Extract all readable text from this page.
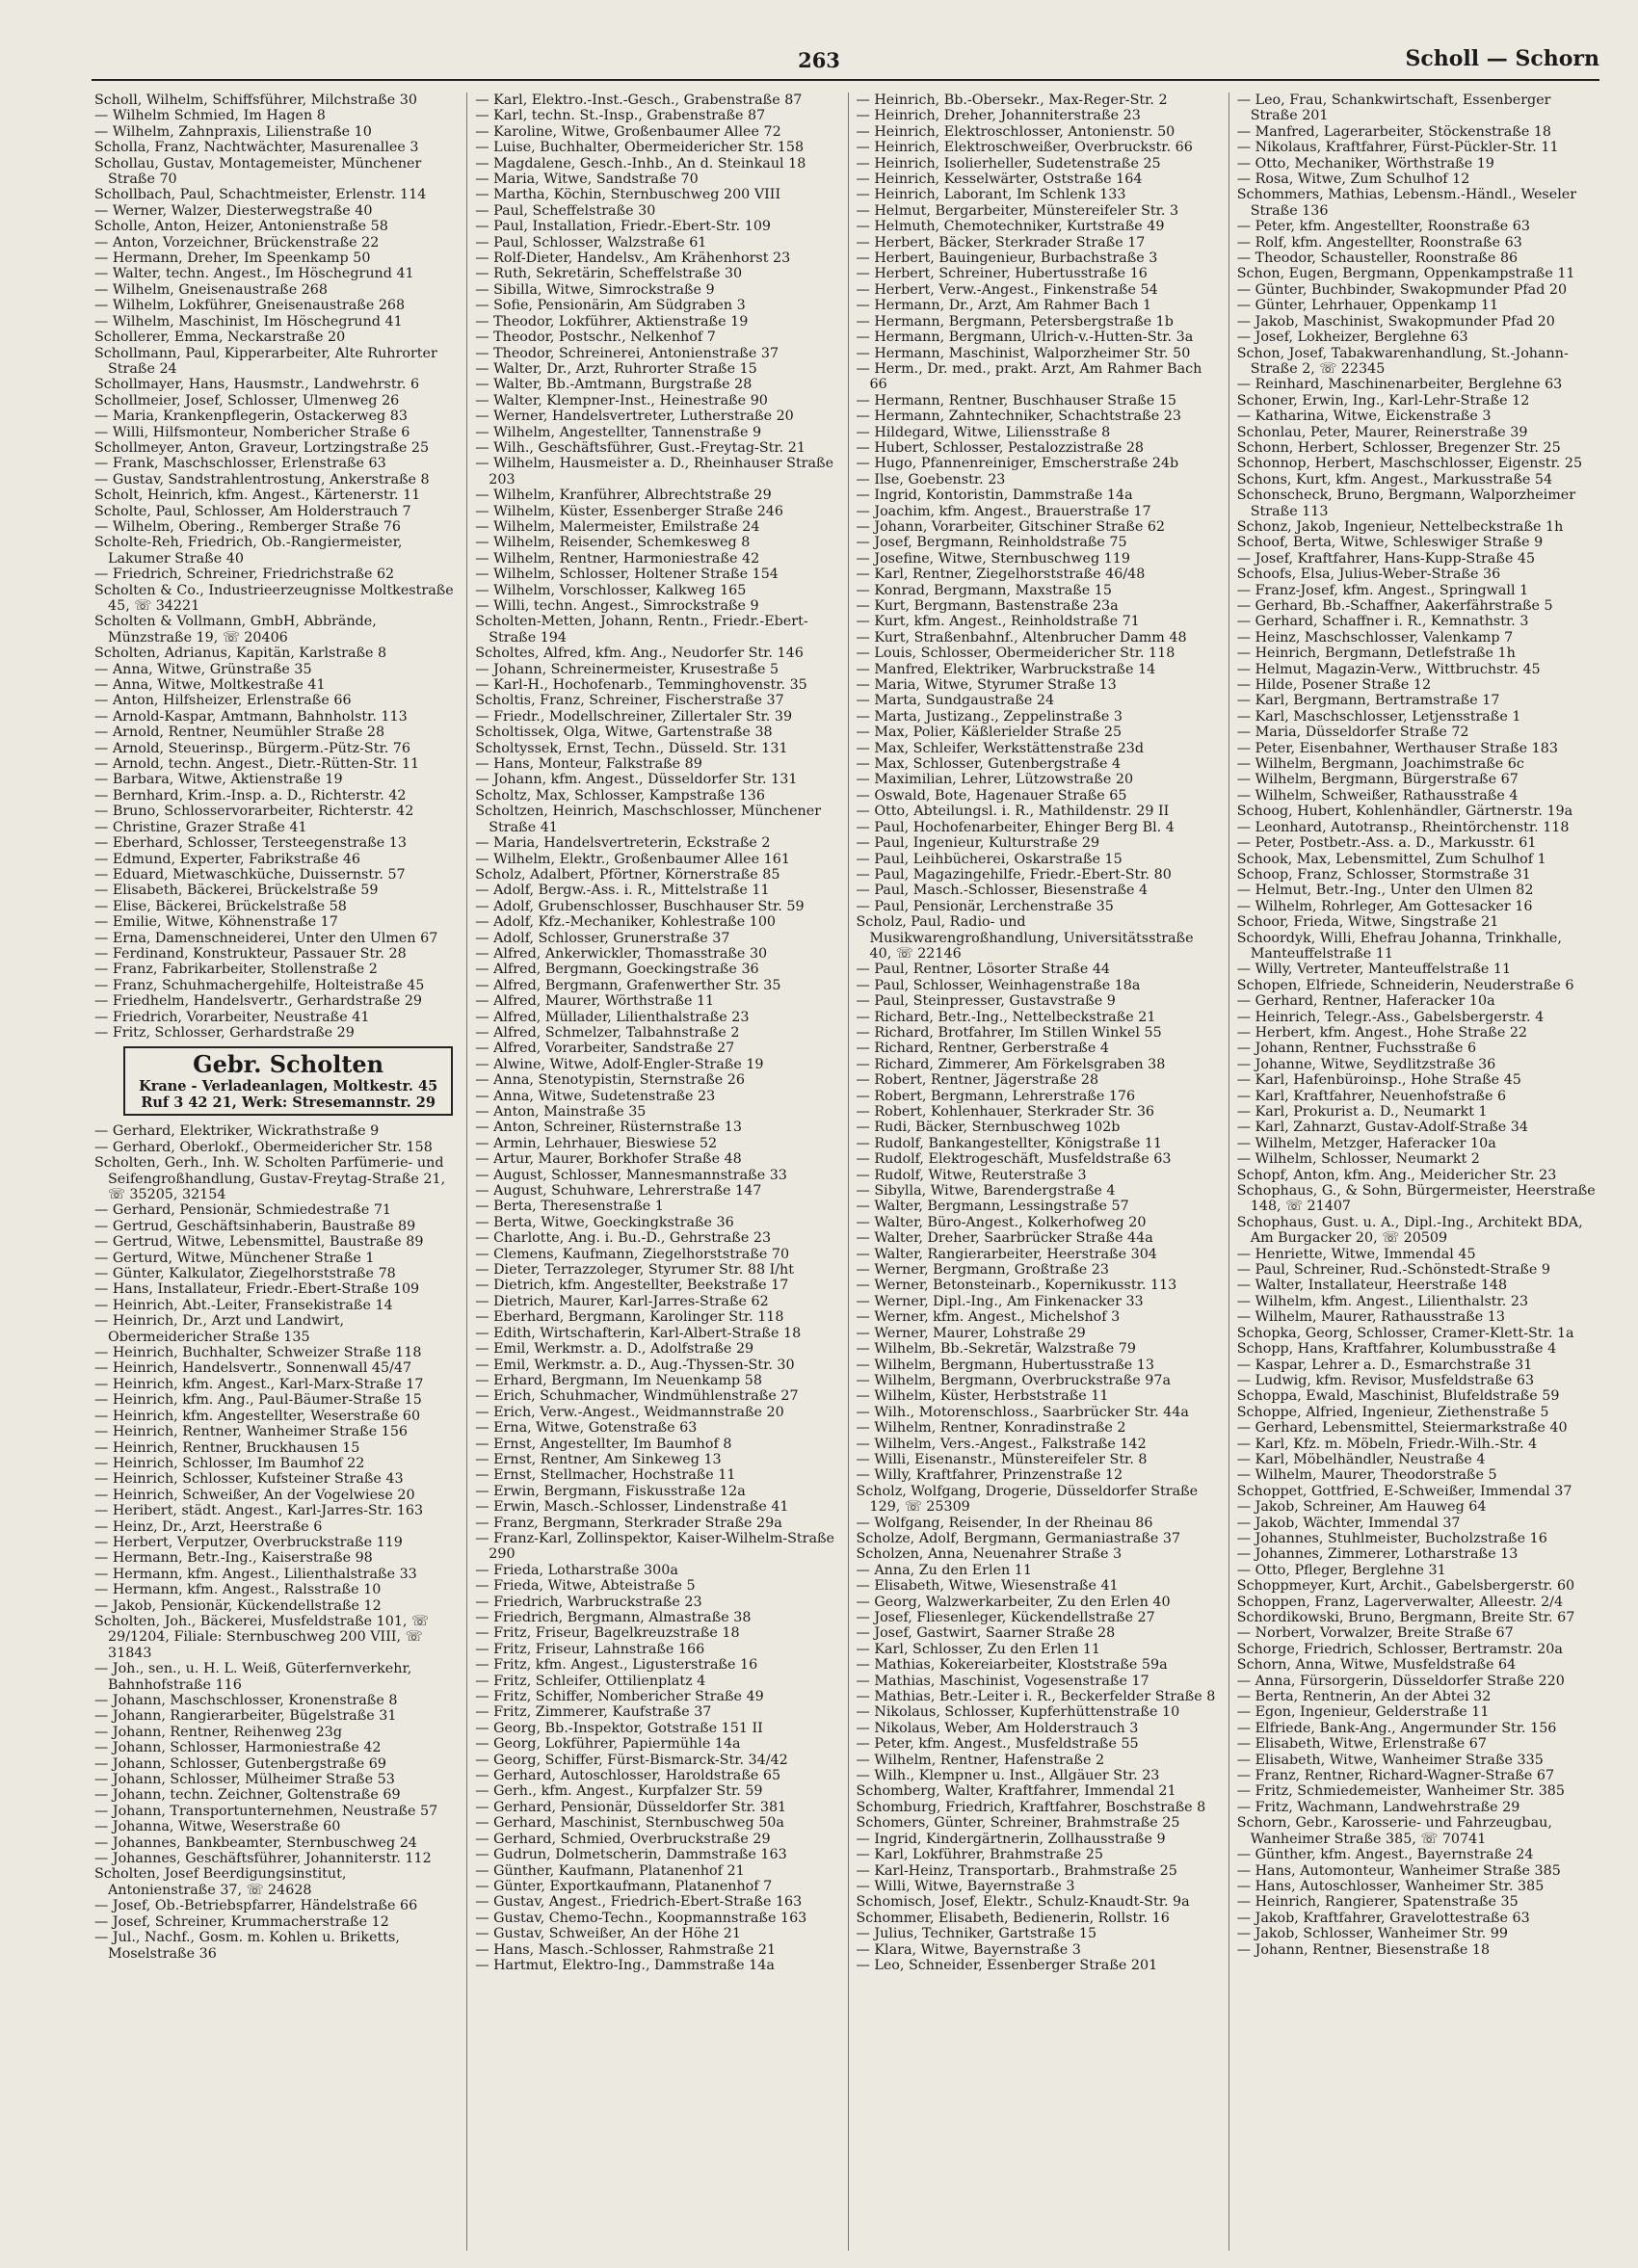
263	Scholl — Schorn

Scholl, Wilhelm, Schiffsführer, Milchstraße 30

— Wilhelm Schmied, Im Hagen 8

— Wilhelm, Zahnpraxis, Lilienstraße 10

Scholla, Franz, Nachtwächter, Masurenallee 3

Schollau, Gustav, Montagemeister, Münchener Straße 70

Schollbach, Paul, Schachtmeister, Erlenstr. 114

— Werner, Walzer, Diesterwegstraße 40

Scholle, Anton, Heizer, Antonienstraße 58

— Anton, Vorzeichner, Brückenstraße 22

— Hermann, Dreher, Im Speenkamp 50

— Walter, techn. Angest., Im Höschegrund 41

— Wilhelm, Gneisenaustraße 268

— Wilhelm, Lokführer, Gneisenaustraße 268

— Wilhelm, Maschinist, Im Höschegrund 41

Schollerer, Emma, Neckarstraße 20

Schollmann, Paul, Kipperarbeiter, Alte Ruhrorter Straße 24

Schollmayer, Hans, Hausmstr., Landwehrstr. 6

Schollmeier, Josef, Schlosser, Ulmenweg 26

— Maria, Krankenpflegerin, Ostackerweg 83

— Willi, Hilfsmonteur, Nombericher Straße 6

Schollmeyer, Anton, Graveur, Lortzingstraße 25

— Frank, Maschschlosser, Erlenstraße 63

— Gustav, Sandstrahlentrostung, Ankerstraße 8

Scholt, Heinrich, kfm. Angest., Kärtenerstr. 11

Scholte, Paul, Schlosser, Am Holderstrauch 7

— Wilhelm, Obering., Remberger Straße 76

Scholte-Reh, Friedrich, Ob.-Rangiermeister, Lakumer Straße 40

— Friedrich, Schreiner, Friedrichstraße 62

Scholten & Co., Industrieerzeugnisse Moltkestraße 45, ☏ 34221

Scholten & Vollmann, GmbH, Abbrände, Münzstraße 19, ☏ 20406

Scholten, Adrianus, Kapitän, Karlstraße 8

— Anna, Witwe, Grünstraße 35

— Anna, Witwe, Moltkestraße 41

— Anton, Hilfsheizer, Erlenstraße 66

— Arnold-Kaspar, Amtmann, Bahnholstr. 113

— Arnold, Rentner, Neumühler Straße 28

— Arnold, Steuerinsp., Bürgerm.-Pütz-Str. 76

— Arnold, techn. Angest., Dietr.-Rütten-Str. 11

— Barbara, Witwe, Aktienstraße 19

— Bernhard, Krim.-Insp. a. D., Richterstr. 42

— Bruno, Schlosservorarbeiter, Richterstr. 42

— Christine, Grazer Straße 41

— Eberhard, Schlosser, Tersteegenstraße 13

— Edmund, Experter, Fabrikstraße 46

— Eduard, Mietwaschküche, Duissernstr. 57

— Elisabeth, Bäckerei, Brückelstraße 59

— Elise, Bäckerei, Brückelstraße 58

— Emilie, Witwe, Köhnenstraße 17

— Erna, Damenschneiderei, Unter den Ulmen 67

— Ferdinand, Konstrukteur, Passauer Str. 28

— Franz, Fabrikarbeiter, Stollenstraße 2

— Franz, Schuhmachergehilfe, Holteistraße 45

— Friedhelm, Handelsvertr., Gerhardstraße 29

— Friedrich, Vorarbeiter, Neustraße 41

— Fritz, Schlosser, Gerhardstraße 29

Gebr. Scholten
Krane - Verladeanlagen, Moltkestr. 45
Ruf 3 42 21, Werk: Stresemannstr. 29

— Gerhard, Elektriker, Wickrathstraße 9

— Gerhard, Oberlokf., Obermeidericher Str. 158

Scholten, Gerh., Inh. W. Scholten Parfümerie- und Seifengroßhandlung, Gustav-Freytag-Straße 21, ☏ 35205, 32154

— Gerhard, Pensionär, Schmiedestraße 71

— Gertrud, Geschäftsinhaberin, Baustraße 89

— Gertrud, Witwe, Lebensmittel, Baustraße 89

— Gerturd, Witwe, Münchener Straße 1

— Günter, Kalkulator, Ziegelhorststraße 78

— Hans, Installateur, Friedr.-Ebert-Straße 109

— Heinrich, Abt.-Leiter, Fransekistraße 14

— Heinrich, Dr., Arzt und Landwirt, Obermeidericher Straße 135

— Heinrich, Buchhalter, Schweizer Straße 118

— Heinrich, Handelsvertr., Sonnenwall 45/47

— Heinrich, kfm. Angest., Karl-Marx-Straße 17

— Heinrich, kfm. Ang., Paul-Bäumer-Straße 15

— Heinrich, kfm. Angestellter, Weserstraße 60

— Heinrich, Rentner, Wanheimer Straße 156

— Heinrich, Rentner, Bruckhausen 15

— Heinrich, Schlosser, Im Baumhof 22

— Heinrich, Schlosser, Kufsteiner Straße 43

— Heinrich, Schweißer, An der Vogelwiese 20

— Heribert, städt. Angest., Karl-Jarres-Str. 163

— Heinz, Dr., Arzt, Heerstraße 6

— Herbert, Verputzer, Overbruckstraße 119

— Hermann, Betr.-Ing., Kaiserstraße 98

— Hermann, kfm. Angest., Lilienthalstraße 33

— Hermann, kfm. Angest., Ralsstraße 10

— Jakob, Pensionär, Kückendellstraße 12

Scholten, Joh., Bäckerei, Musfeldstraße 101, ☏ 29/1204, Filiale: Sternbuschweg 200 VIII, ☏ 31843

— Joh., sen., u. H. L. Weiß, Güterfernverkehr, Bahnhofstraße 116

— Johann, Maschschlosser, Kronenstraße 8

— Johann, Rangierarbeiter, Bügelstraße 31

— Johann, Rentner, Reihenweg 23g

— Johann, Schlosser, Harmoniestraße 42

— Johann, Schlosser, Gutenbergstraße 69

— Johann, Schlosser, Mülheimer Straße 53

— Johann, techn. Zeichner, Goltenstraße 69

— Johann, Transportunternehmen, Neustraße 57

— Johanna, Witwe, Weserstraße 60

— Johannes, Bankbeamter, Sternbuschweg 24

— Johannes, Geschäftsführer, Johanniterstr. 112

Scholten, Josef Beerdigungsinstitut, Antonienstraße 37, ☏ 24628

— Josef, Ob.-Betriebspfarrer, Händelstraße 66

— Josef, Schreiner, Krummacherstraße 12

— Jul., Nachf., Gosm. m. Kohlen u. Briketts, Moselstraße 36

— Karl, Elektro.-Inst.-Gesch., Grabenstraße 87

— Karl, techn. St.-Insp., Grabenstraße 87

— Karoline, Witwe, Großenbaumer Allee 72

— Luise, Buchhalter, Obermeidericher Str. 158

— Magdalene, Gesch.-Inhb., An d. Steinkaul 18

— Maria, Witwe, Sandstraße 70

— Martha, Köchin, Sternbuschweg 200 VIII

— Paul, Scheffelstraße 30

— Paul, Installation, Friedr.-Ebert-Str. 109

— Paul, Schlosser, Walzstraße 61

— Rolf-Dieter, Handelsv., Am Krähenhorst 23

— Ruth, Sekretärin, Scheffelstraße 30

— Sibilla, Witwe, Simrockstraße 9

— Sofie, Pensionärin, Am Südgraben 3

— Theodor, Lokführer, Aktienstraße 19

— Theodor, Postschr., Nelkenhof 7

— Theodor, Schreinerei, Antonienstraße 37

— Walter, Dr., Arzt, Ruhrorter Straße 15

— Walter, Bb.-Amtmann, Burgstraße 28

— Walter, Klempner-Inst., Heinestraße 90

— Werner, Handelsvertreter, Lutherstraße 20

— Wilhelm, Angestellter, Tannenstraße 9

— Wilh., Geschäftsführer, Gust.-Freytag-Str. 21

— Wilhelm, Hausmeister a. D., Rheinhauser Straße 203

— Wilhelm, Kranführer, Albrechtstraße 29

— Wilhelm, Küster, Essenberger Straße 246

— Wilhelm, Malermeister, Emilstraße 24

— Wilhelm, Reisender, Schemkesweg 8

— Wilhelm, Rentner, Harmoniestraße 42

— Wilhelm, Schlosser, Holtener Straße 154

— Wilhelm, Vorschlosser, Kalkweg 165

— Willi, techn. Angest., Simrockstraße 9

Scholten-Metten, Johann, Rentn., Friedr.-Ebert-Straße 194

Scholtes, Alfred, kfm. Ang., Neudorfer Str. 146

— Johann, Schreinermeister, Krusestraße 5

— Karl-H., Hochofenarb., Temminghovenstr. 35

Scholtis, Franz, Schreiner, Fischerstraße 37

— Friedr., Modellschreiner, Zillertaler Str. 39

Scholtissek, Olga, Witwe, Gartenstraße 38

Scholtyssek, Ernst, Techn., Düsseld. Str. 131

— Hans, Monteur, Falkstraße 89

— Johann, kfm. Angest., Düsseldorfer Str. 131

Scholtz, Max, Schlosser, Kampstraße 136

Scholtzen, Heinrich, Maschschlosser, Münchener Straße 41

— Maria, Handelsvertreterin, Eckstraße 2

— Wilhelm, Elektr., Großenbaumer Allee 161

Scholz, Adalbert, Pförtner, Körnerstraße 85

— Adolf, Bergw.-Ass. i. R., Mittelstraße 11

— Adolf, Grubenschlosser, Buschhauser Str. 59

— Adolf, Kfz.-Mechaniker, Kohlestraße 100

— Adolf, Schlosser, Grunerstraße 37

— Alfred, Ankerwickler, Thomasstraße 30

— Alfred, Bergmann, Goeckingstraße 36

— Alfred, Bergmann, Grafenwerther Str. 35

— Alfred, Maurer, Wörthstraße 11

— Alfred, Müllader, Lilienthalstraße 23

— Alfred, Schmelzer, Talbahnstraße 2

— Alfred, Vorarbeiter, Sandstraße 27

— Alwine, Witwe, Adolf-Engler-Straße 19

— Anna, Stenotypistin, Sternstraße 26

— Anna, Witwe, Sudetenstraße 23

— Anton, Mainstraße 35

— Anton, Schreiner, Rüsternstraße 13

— Armin, Lehrhauer, Bieswiese 52

— Artur, Maurer, Borkhofer Straße 48

— August, Schlosser, Mannesmannstraße 33

— August, Schuhware, Lehrerstraße 147

— Berta, Theresenstraße 1

— Berta, Witwe, Goeckingkstraße 36

— Charlotte, Ang. i. Bu.-D., Gehrstraße 23

— Clemens, Kaufmann, Ziegelhorststraße 70

— Dieter, Terrazzoleger, Styrumer Str. 88 I/ht

— Dietrich, kfm. Angestellter, Beekstraße 17

— Dietrich, Maurer, Karl-Jarres-Straße 62

— Eberhard, Bergmann, Karolinger Str. 118

— Edith, Wirtschafterin, Karl-Albert-Straße 18

— Emil, Werkmstr. a. D., Adolfstraße 29

— Emil, Werkmstr. a. D., Aug.-Thyssen-Str. 30

— Erhard, Bergmann, Im Neuenkamp 58

— Erich, Schuhmacher, Windmühlenstraße 27

— Erich, Verw.-Angest., Weidmannstraße 20

— Erna, Witwe, Gotenstraße 63

— Ernst, Angestellter, Im Baumhof 8

— Ernst, Rentner, Am Sinkeweg 13

— Ernst, Stellmacher, Hochstraße 11

— Erwin, Bergmann, Fiskusstraße 12a

— Erwin, Masch.-Schlosser, Lindenstraße 41

— Franz, Bergmann, Sterkrader Straße 29a

— Franz-Karl, Zollinspektor, Kaiser-Wilhelm-Straße 290

— Frieda, Lotharstraße 300a

— Frieda, Witwe, Abteistraße 5

— Friedrich, Warbruckstraße 23

— Friedrich, Bergmann, Almastraße 38

— Fritz, Friseur, Bagelkreuzstraße 18

— Fritz, Friseur, Lahnstraße 166

— Fritz, kfm. Angest., Ligusterstraße 16

— Fritz, Schleifer, Ottilienplatz 4

— Fritz, Schiffer, Nombericher Straße 49

— Fritz, Zimmerer, Kaufstraße 37

— Georg, Bb.-Inspektor, Gotstraße 151 II

— Georg, Lokführer, Papiermühle 14a

— Georg, Schiffer, Fürst-Bismarck-Str. 34/42

— Gerhard, Autoschlosser, Haroldstraße 65

— Gerh., kfm. Angest., Kurpfalzer Str. 59

— Gerhard, Pensionär, Düsseldorfer Str. 381

— Gerhard, Maschinist, Sternbuschweg 50a

— Gerhard, Schmied, Overbruckstraße 29

— Gudrun, Dolmetscherin, Dammstraße 163

— Günther, Kaufmann, Platanenhof 21

— Günter, Exportkaufmann, Platanenhof 7

— Gustav, Angest., Friedrich-Ebert-Straße 163

— Gustav, Chemo-Techn., Koopmannstraße 163

— Gustav, Schweißer, An der Höhe 21

— Hans, Masch.-Schlosser, Rahmstraße 21

— Hartmut, Elektro-Ing., Dammstraße 14a

— Heinrich, Bb.-Obersekr., Max-Reger-Str. 2

— Heinrich, Dreher, Johanniterstraße 23

— Heinrich, Elektroschlosser, Antonienstr. 50

— Heinrich, Elektroschweißer, Overbruckstr. 66

— Heinrich, Isolierheller, Sudetenstraße 25

— Heinrich, Kesselwärter, Oststraße 164

— Heinrich, Laborant, Im Schlenk 133

— Helmut, Bergarbeiter, Münstereifeler Str. 3

— Helmuth, Chemotechniker, Kurtstraße 49

— Herbert, Bäcker, Sterkrader Straße 17

— Herbert, Bauingenieur, Burbachstraße 3

— Herbert, Schreiner, Hubertusstraße 16

— Herbert, Verw.-Angest., Finkenstraße 54

— Hermann, Dr., Arzt, Am Rahmer Bach 1

— Hermann, Bergmann, Petersbergstraße 1b

— Hermann, Bergmann, Ulrich-v.-Hutten-Str. 3a

— Hermann, Maschinist, Walporzheimer Str. 50

— Herm., Dr. med., prakt. Arzt, Am Rahmer Bach 66

— Hermann, Rentner, Buschhauser Straße 15

— Hermann, Zahntechniker, Schachtstraße 23

— Hildegard, Witwe, Liliensstraße 8

— Hubert, Schlosser, Pestalozzistraße 28

— Hugo, Pfannenreiniger, Emscherstraße 24b

— Ilse, Goebenstr. 23

— Ingrid, Kontoristin, Dammstraße 14a

— Joachim, kfm. Angest., Brauerstraße 17

— Johann, Vorarbeiter, Gitschiner Straße 62

— Josef, Bergmann, Reinholdstraße 75

— Josefine, Witwe, Sternbuschweg 119

— Karl, Rentner, Ziegelhorststraße 46/48

— Konrad, Bergmann, Maxstraße 15

— Kurt, Bergmann, Bastenstraße 23a

— Kurt, kfm. Angest., Reinholdstraße 71

— Kurt, Straßenbahnf., Altenbrucher Damm 48

— Louis, Schlosser, Obermeidericher Str. 118

— Manfred, Elektriker, Warbruckstraße 14

— Maria, Witwe, Styrumer Straße 13

— Marta, Sundgaustraße 24

— Marta, Justizang., Zeppelinstraße 3

— Max, Polier, Käßlerielder Straße 25

— Max, Schleifer, Werkstättenstraße 23d

— Max, Schlosser, Gutenbergstraße 4

— Maximilian, Lehrer, Lützowstraße 20

— Oswald, Bote, Hagenauer Straße 65

— Otto, Abteilungsl. i. R., Mathildenstr. 29 II

— Paul, Hochofenarbeiter, Ehinger Berg Bl. 4

— Paul, Ingenieur, Kulturstraße 29

— Paul, Leihbücherei, Oskarstraße 15

— Paul, Magazingehilfe, Friedr.-Ebert-Str. 80

— Paul, Masch.-Schlosser, Biesenstraße 4

— Paul, Pensionär, Lerchenstraße 35

Scholz, Paul, Radio- und Musikwarengroßhandlung, Universitätsstraße 40, ☏ 22146

— Paul, Rentner, Lösorter Straße 44

— Paul, Schlosser, Weinhagenstraße 18a

— Paul, Steinpresser, Gustavstraße 9

— Richard, Betr.-Ing., Nettelbeckstraße 21

— Richard, Brotfahrer, Im Stillen Winkel 55

— Richard, Rentner, Gerberstraße 4

— Richard, Zimmerer, Am Förkelsgraben 38

— Robert, Rentner, Jägerstraße 28

— Robert, Bergmann, Lehrerstraße 176

— Robert, Kohlenhauer, Sterkrader Str. 36

— Rudi, Bäcker, Sternbuschweg 102b

— Rudolf, Bankangestellter, Königstraße 11

— Rudolf, Elektrogeschäft, Musfeldstraße 63

— Rudolf, Witwe, Reuterstraße 3

— Sibylla, Witwe, Barendergstraße 4

— Walter, Bergmann, Lessingstraße 57

— Walter, Büro-Angest., Kolkerhofweg 20

— Walter, Dreher, Saarbrücker Straße 44a

— Walter, Rangierarbeiter, Heerstraße 304

— Werner, Bergmann, Großtraße 23

— Werner, Betonsteinarb., Kopernikusstr. 113

— Werner, Dipl.-Ing., Am Finkenacker 33

— Werner, kfm. Angest., Michelshof 3

— Werner, Maurer, Lohstraße 29

— Wilhelm, Bb.-Sekretär, Walzstraße 79

— Wilhelm, Bergmann, Hubertusstraße 13

— Wilhelm, Bergmann, Overbruckstraße 97a

— Wilhelm, Küster, Herbststraße 11

— Wilh., Motorenschloss., Saarbrücker Str. 44a

— Wilhelm, Rentner, Konradinstraße 2

— Wilhelm, Vers.-Angest., Falkstraße 142

— Willi, Eisenanstr., Münstereifeler Str. 8

— Willy, Kraftfahrer, Prinzenstraße 12

Scholz, Wolfgang, Drogerie, Düsseldorfer Straße 129, ☏ 25309

— Wolfgang, Reisender, In der Rheinau 86

Scholze, Adolf, Bergmann, Germaniastraße 37

Scholzen, Anna, Neuenahrer Straße 3

— Anna, Zu den Erlen 11

— Elisabeth, Witwe, Wiesenstraße 41

— Georg, Walzwerkarbeiter, Zu den Erlen 40

— Josef, Fliesenleger, Kückendellstraße 27

— Josef, Gastwirt, Saarner Straße 28

— Karl, Schlosser, Zu den Erlen 11

— Mathias, Kokereiarbeiter, Kloststraße 59a

— Mathias, Maschinist, Vogesenstraße 17

— Mathias, Betr.-Leiter i. R., Beckerfelder Straße 8

— Nikolaus, Schlosser, Kupferhüttenstraße 10

— Nikolaus, Weber, Am Holderstrauch 3

— Peter, kfm. Angest., Musfeldstraße 55

— Wilhelm, Rentner, Hafenstraße 2

— Wilh., Klempner u. Inst., Allgäuer Str. 23

Schomberg, Walter, Kraftfahrer, Immendal 21

Schomburg, Friedrich, Kraftfahrer, Boschstraße 8

Schomers, Günter, Schreiner, Brahmstraße 25

— Ingrid, Kindergärtnerin, Zollhausstraße 9

— Karl, Lokführer, Brahmstraße 25

— Karl-Heinz, Transportarb., Brahmstraße 25

— Willi, Witwe, Bayernstraße 3

Schomisch, Josef, Elektr., Schulz-Knaudt-Str. 9a

Schommer, Elisabeth, Bedienerin, Rollstr. 16

— Julius, Techniker, Gartstraße 15

— Klara, Witwe, Bayernstraße 3

— Leo, Schneider, Essenberger Straße 201

— Leo, Frau, Schankwirtschaft, Essenberger Straße 201

— Manfred, Lagerarbeiter, Stöckenstraße 18

— Nikolaus, Kraftfahrer, Fürst-Pückler-Str. 11

— Otto, Mechaniker, Wörthstraße 19

— Rosa, Witwe, Zum Schulhof 12

Schommers, Mathias, Lebensm.-Händl., Weseler Straße 136

— Peter, kfm. Angestellter, Roonstraße 63

— Rolf, kfm. Angestellter, Roonstraße 63

— Theodor, Schausteller, Roonstraße 86

Schon, Eugen, Bergmann, Oppenkampstraße 11

— Günter, Buchbinder, Swakopmunder Pfad 20

— Günter, Lehrhauer, Oppenkamp 11

— Jakob, Maschinist, Swakopmunder Pfad 20

— Josef, Lokheizer, Berglehne 63

Schon, Josef, Tabakwarenhandlung, St.-Johann-Straße 2, ☏ 22345

— Reinhard, Maschinenarbeiter, Berglehne 63

Schoner, Erwin, Ing., Karl-Lehr-Straße 12

— Katharina, Witwe, Eickenstraße 3

Schonlau, Peter, Maurer, Reinerstraße 39

Schonn, Herbert, Schlosser, Bregenzer Str. 25

Schonnop, Herbert, Maschschlosser, Eigenstr. 25

Schons, Kurt, kfm. Angest., Markusstraße 54

Schonscheck, Bruno, Bergmann, Walporzheimer Straße 113

Schonz, Jakob, Ingenieur, Nettelbeckstraße 1h

Schoof, Berta, Witwe, Schleswiger Straße 9

— Josef, Kraftfahrer, Hans-Kupp-Straße 45

Schoofs, Elsa, Julius-Weber-Straße 36

— Franz-Josef, kfm. Angest., Springwall 1

— Gerhard, Bb.-Schaffner, Aakerfährstraße 5

— Gerhard, Schaffner i. R., Kemnathstr. 3

— Heinz, Maschschlosser, Valenkamp 7

— Heinrich, Bergmann, Detlefstraße 1h

— Helmut, Magazin-Verw., Wittbruchstr. 45

— Hilde, Posener Straße 12

— Karl, Bergmann, Bertramstraße 17

— Karl, Maschschlosser, Letjensstraße 1

— Maria, Düsseldorfer Straße 72

— Peter, Eisenbahner, Werthauser Straße 183

— Wilhelm, Bergmann, Joachimstraße 6c

— Wilhelm, Bergmann, Bürgerstraße 67

— Wilhelm, Schweißer, Rathausstraße 4

Schoog, Hubert, Kohlenhändler, Gärtnerstr. 19a

— Leonhard, Autotransp., Rheintörchenstr. 118

— Peter, Postbetr.-Ass. a. D., Markusstr. 61

Schook, Max, Lebensmittel, Zum Schulhof 1

Schoop, Franz, Schlosser, Stormstraße 31

— Helmut, Betr.-Ing., Unter den Ulmen 82

— Wilhelm, Rohrleger, Am Gottesacker 16

Schoor, Frieda, Witwe, Singstraße 21

Schoordyk, Willi, Ehefrau Johanna, Trinkhalle, Manteuffelstraße 11

— Willy, Vertreter, Manteuffelstraße 11

Schopen, Elfriede, Schneiderin, Neuderstraße 6

— Gerhard, Rentner, Haferacker 10a

— Heinrich, Telegr.-Ass., Gabelsbergerstr. 4

— Herbert, kfm. Angest., Hohe Straße 22

— Johann, Rentner, Fuchsstraße 6

— Johanne, Witwe, Seydlitzstraße 36

— Karl, Hafenbüroinsp., Hohe Straße 45

— Karl, Kraftfahrer, Neuenhofstraße 6

— Karl, Prokurist a. D., Neumarkt 1

— Karl, Zahnarzt, Gustav-Adolf-Straße 34

— Wilhelm, Metzger, Haferacker 10a

— Wilhelm, Schlosser, Neumarkt 2

Schopf, Anton, kfm. Ang., Meidericher Str. 23

Schophaus, G., & Sohn, Bürgermeister, Heerstraße 148, ☏ 21407

Schophaus, Gust. u. A., Dipl.-Ing., Architekt BDA, Am Burgacker 20, ☏ 20509

— Henriette, Witwe, Immendal 45

— Paul, Schreiner, Rud.-Schönstedt-Straße 9

— Walter, Installateur, Heerstraße 148

— Wilhelm, kfm. Angest., Lilienthalstr. 23

— Wilhelm, Maurer, Rathausstraße 13

Schopka, Georg, Schlosser, Cramer-Klett-Str. 1a

Schopp, Hans, Kraftfahrer, Kolumbusstraße 4

— Kaspar, Lehrer a. D., Esmarchstraße 31

— Ludwig, kfm. Revisor, Musfeldstraße 63

Schoppa, Ewald, Maschinist, Blufeldstraße 59

Schoppe, Alfried, Ingenieur, Ziethenstraße 5

— Gerhard, Lebensmittel, Steiermarkstraße 40

— Karl, Kfz. m. Möbeln, Friedr.-Wilh.-Str. 4

— Karl, Möbelhändler, Neustraße 4

— Wilhelm, Maurer, Theodorstraße 5

Schoppet, Gottfried, E-Schweißer, Immendal 37

— Jakob, Schreiner, Am Hauweg 64

— Jakob, Wächter, Immendal 37

— Johannes, Stuhlmeister, Bucholzstraße 16

— Johannes, Zimmerer, Lotharstraße 13

— Otto, Pfleger, Berglehne 31

Schoppmeyer, Kurt, Archit., Gabelsbergerstr. 60

Schoppen, Franz, Lagerverwalter, Alleestr. 2/4

Schordikowski, Bruno, Bergmann, Breite Str. 67

— Norbert, Vorwalzer, Breite Straße 67

Schorge, Friedrich, Schlosser, Bertramstr. 20a

Schorn, Anna, Witwe, Musfeldstraße 64

— Anna, Fürsorgerin, Düsseldorfer Straße 220

— Berta, Rentnerin, An der Abtei 32

— Egon, Ingenieur, Gelderstraße 11

— Elfriede, Bank-Ang., Angermunder Str. 156

— Elisabeth, Witwe, Erlenstraße 67

— Elisabeth, Witwe, Wanheimer Straße 335

— Franz, Rentner, Richard-Wagner-Straße 67

— Fritz, Schmiedemeister, Wanheimer Str. 385

— Fritz, Wachmann, Landwehrstraße 29

Schorn, Gebr., Karosserie- und Fahrzeugbau, Wanheimer Straße 385, ☏ 70741

— Günther, kfm. Angest., Bayernstraße 24

— Hans, Automonteur, Wanheimer Straße 385

— Hans, Autoschlosser, Wanheimer Str. 385

— Heinrich, Rangierer, Spatenstraße 35

— Jakob, Kraftfahrer, Gravelottestraße 63

— Jakob, Schlosser, Wanheimer Str. 99

— Johann, Rentner, Biesenstraße 18
